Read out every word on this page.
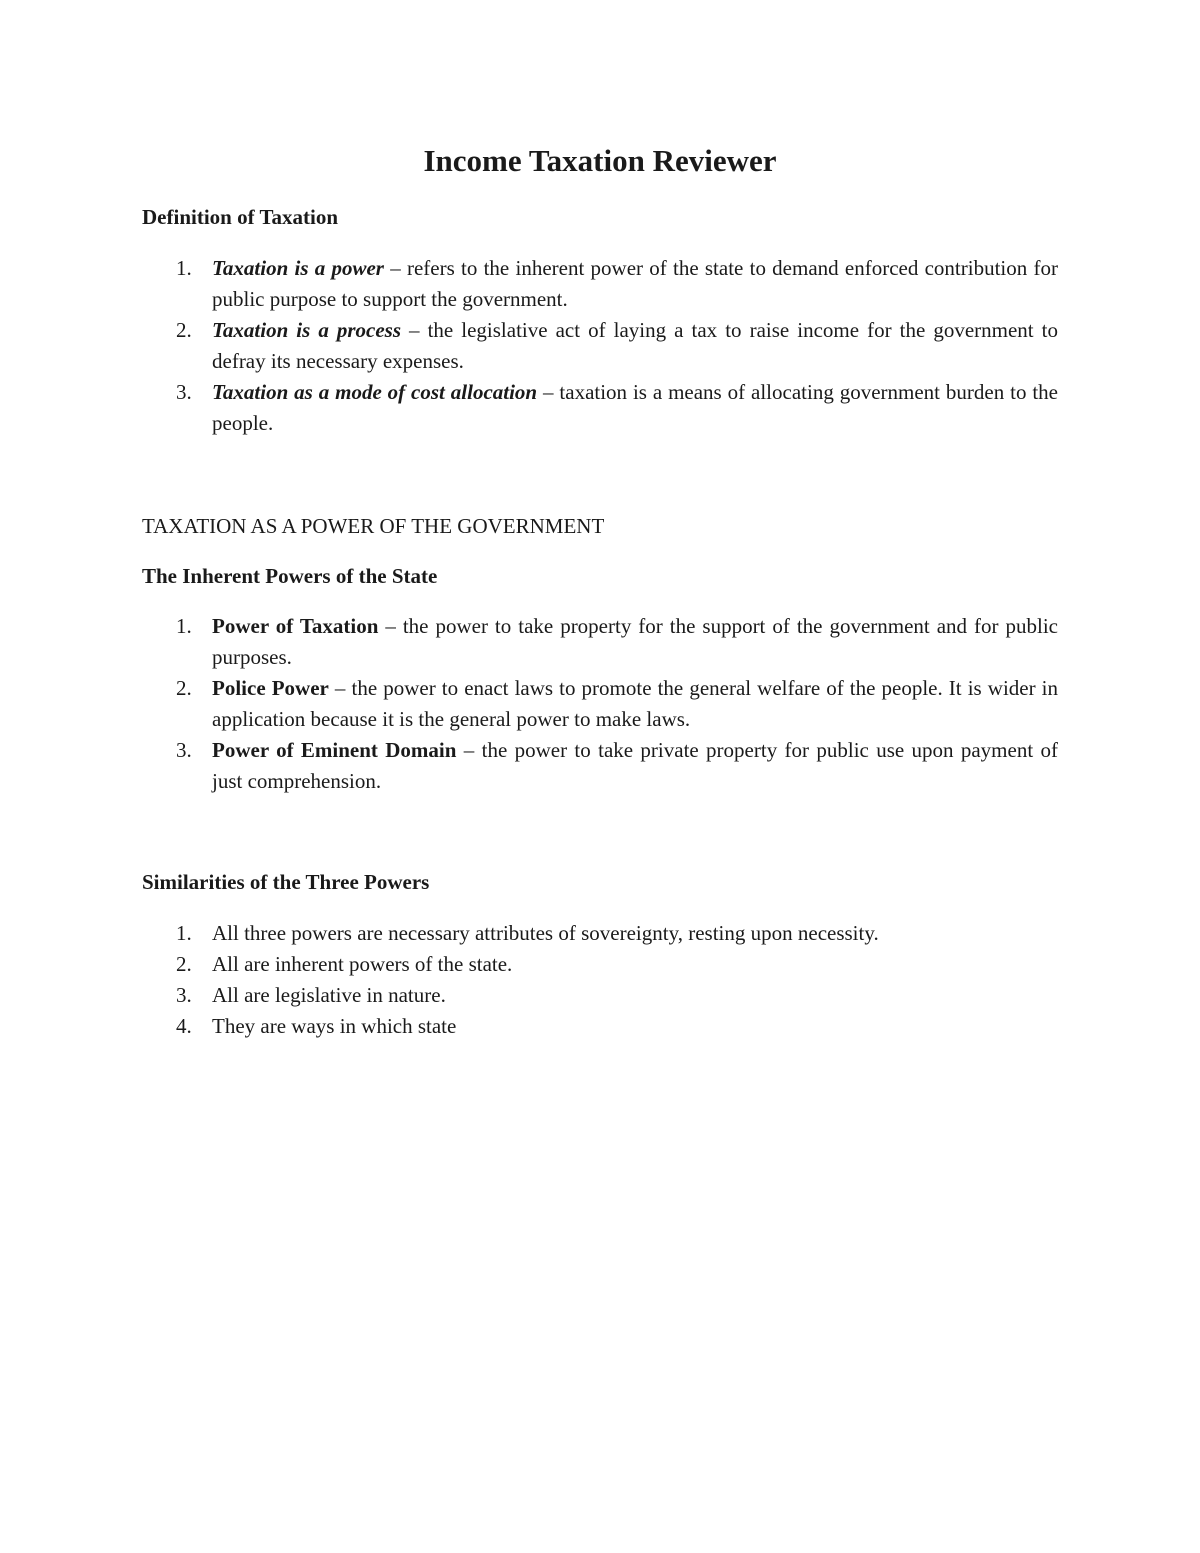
Income Taxation Reviewer
Definition of Taxation
1. Taxation is a power – refers to the inherent power of the state to demand enforced contribution for public purpose to support the government.
2. Taxation is a process – the legislative act of laying a tax to raise income for the government to defray its necessary expenses.
3. Taxation as a mode of cost allocation – taxation is a means of allocating government burden to the people.
TAXATION AS A POWER OF THE GOVERNMENT
The Inherent Powers of the State
1. Power of Taxation – the power to take property for the support of the government and for public purposes.
2. Police Power – the power to enact laws to promote the general welfare of the people. It is wider in application because it is the general power to make laws.
3. Power of Eminent Domain – the power to take private property for public use upon payment of just comprehension.
Similarities of the Three Powers
1. All three powers are necessary attributes of sovereignty, resting upon necessity.
2. All are inherent powers of the state.
3. All are legislative in nature.
4. They are ways in which state
